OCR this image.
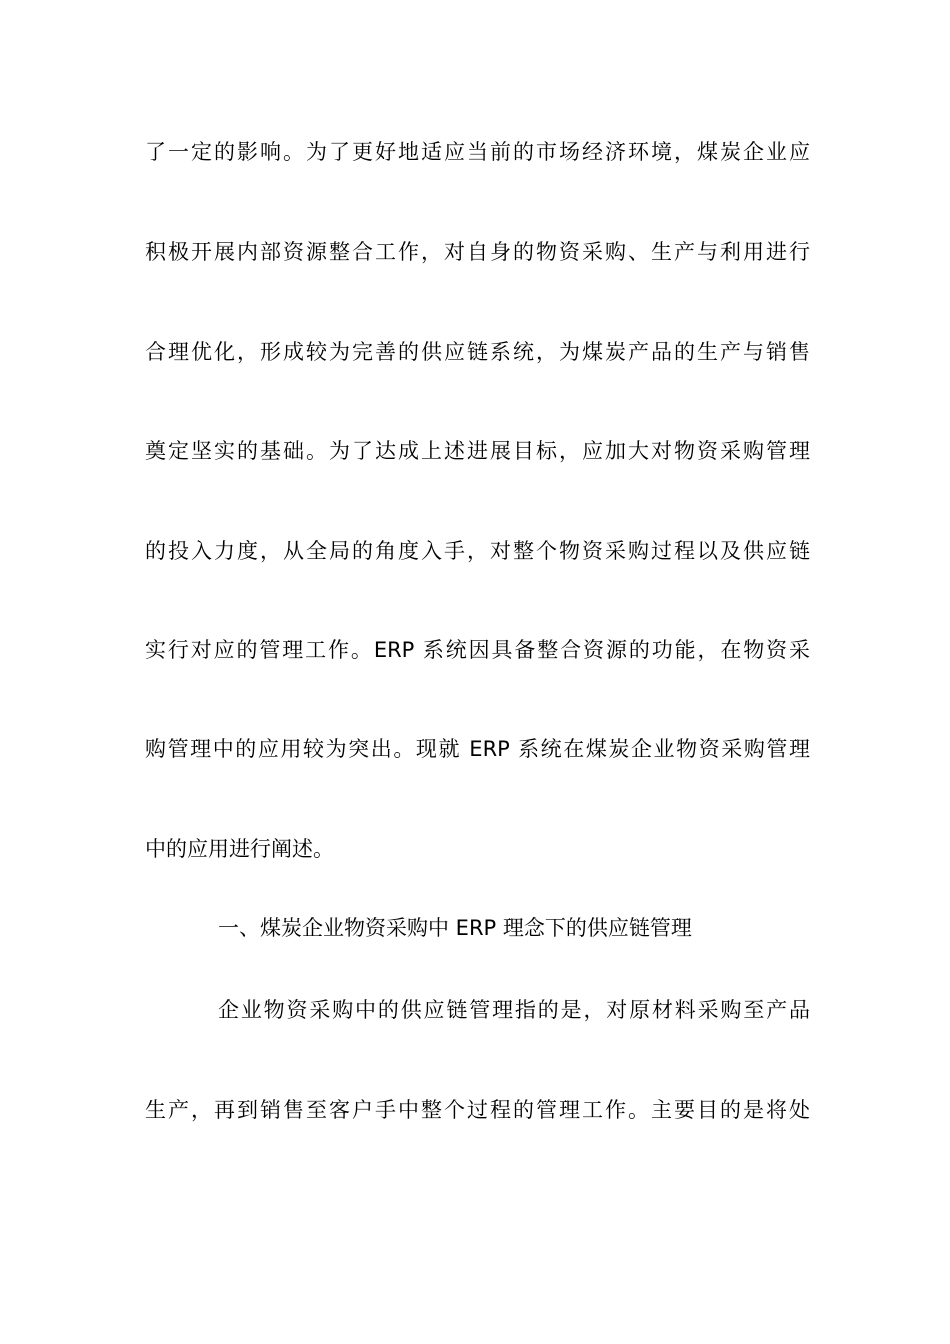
了一定的影响。为了更好地适应当前的市场经济环境，煤炭企业应
积极开展内部资源整合工作，对自身的物资采购、生产与利用进行
合理优化，形成较为完善的供应链系统，为煤炭产品的生产与销售
奠定坚实的基础。为了达成上述进展目标，应加大对物资采购管理
的投入力度，从全局的角度入手，对整个物资采购过程以及供应链
实行对应的管理工作。ERP 系统因具备整合资源的功能，在物资采
购管理中的应用较为突出。现就 ERP 系统在煤炭企业物资采购管理
中的应用进行阐述。
一、煤炭企业物资采购中 ERP 理念下的供应链管理
企业物资采购中的供应链管理指的是，对原材料采购至产品
生产，再到销售至客户手中整个过程的管理工作。主要目的是将处
